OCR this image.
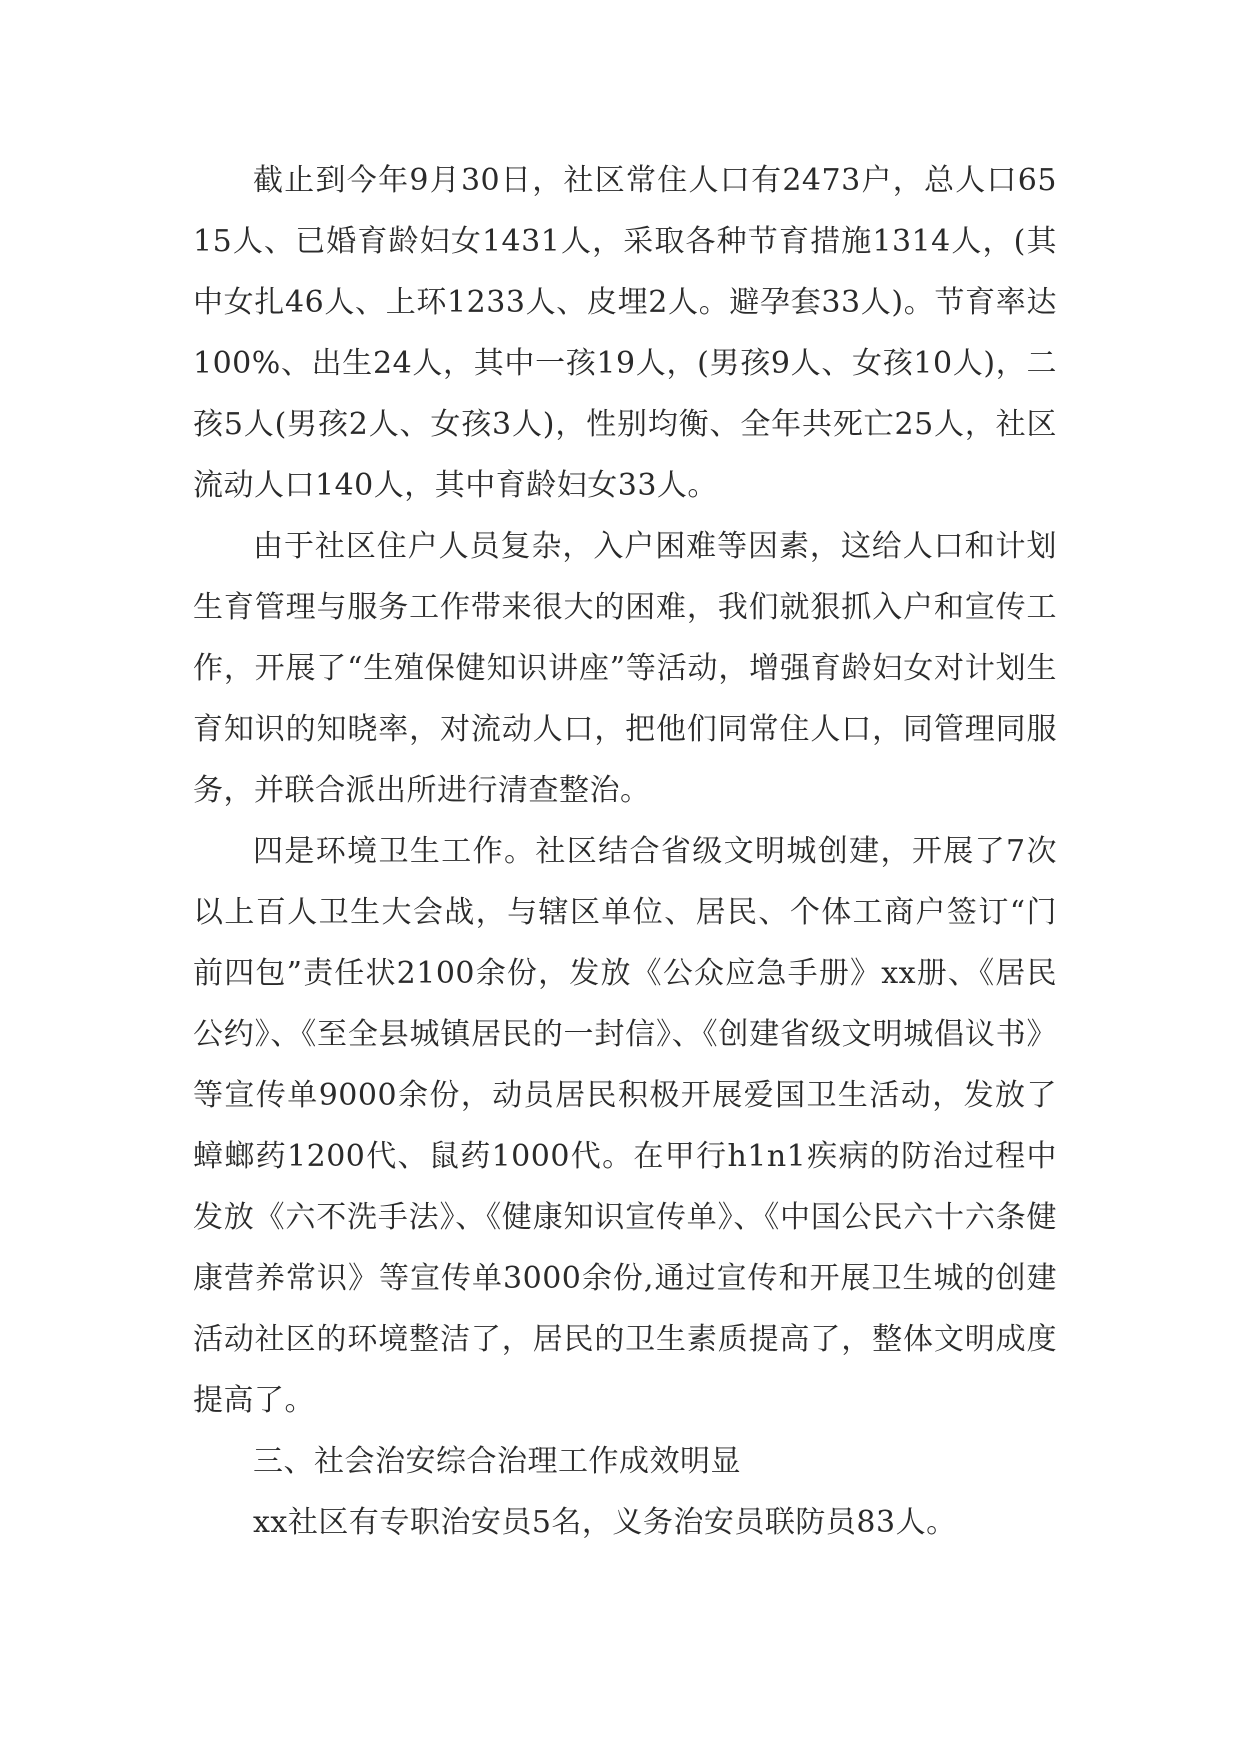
截止到今年9月30日，社区常住人口有2473户，总人口6515人、已婚育龄妇女1431人，采取各种节育措施1314人，(其中女扎46人、上环1233人、皮埋2人。避孕套33人)。节育率达100%、出生24人，其中一孩19人，(男孩9人、女孩10人)，二孩5人(男孩2人、女孩3人)，性别均衡、全年共死亡25人，社区流动人口140人，其中育龄妇女33人。

由于社区住户人员复杂，入户困难等因素，这给人口和计划生育管理与服务工作带来很大的困难，我们就狠抓入户和宣传工作，开展了“生殖保健知识讲座”等活动，增强育龄妇女对计划生育知识的知晓率，对流动人口，把他们同常住人口，同管理同服务，并联合派出所进行清查整治。

四是环境卫生工作。社区结合省级文明城创建，开展了7次以上百人卫生大会战，与辖区单位、居民、个体工商户签订“门前四包”责任状2100余份，发放《公众应急手册》xx册、《居民公约》、《至全县城镇居民的一封信》、《创建省级文明城倡议书》等宣传单9000余份，动员居民积极开展爱国卫生活动，发放了蟑螂药1200代、鼠药1000代。在甲行h1n1疾病的防治过程中发放《六不洗手法》、《健康知识宣传单》、《中国公民六十六条健康营养常识》等宣传单3000余份,通过宣传和开展卫生城的创建活动社区的环境整洁了，居民的卫生素质提高了，整体文明成度提高了。

三、社会治安综合治理工作成效明显

xx社区有专职治安员5名，义务治安员联防员83人。
